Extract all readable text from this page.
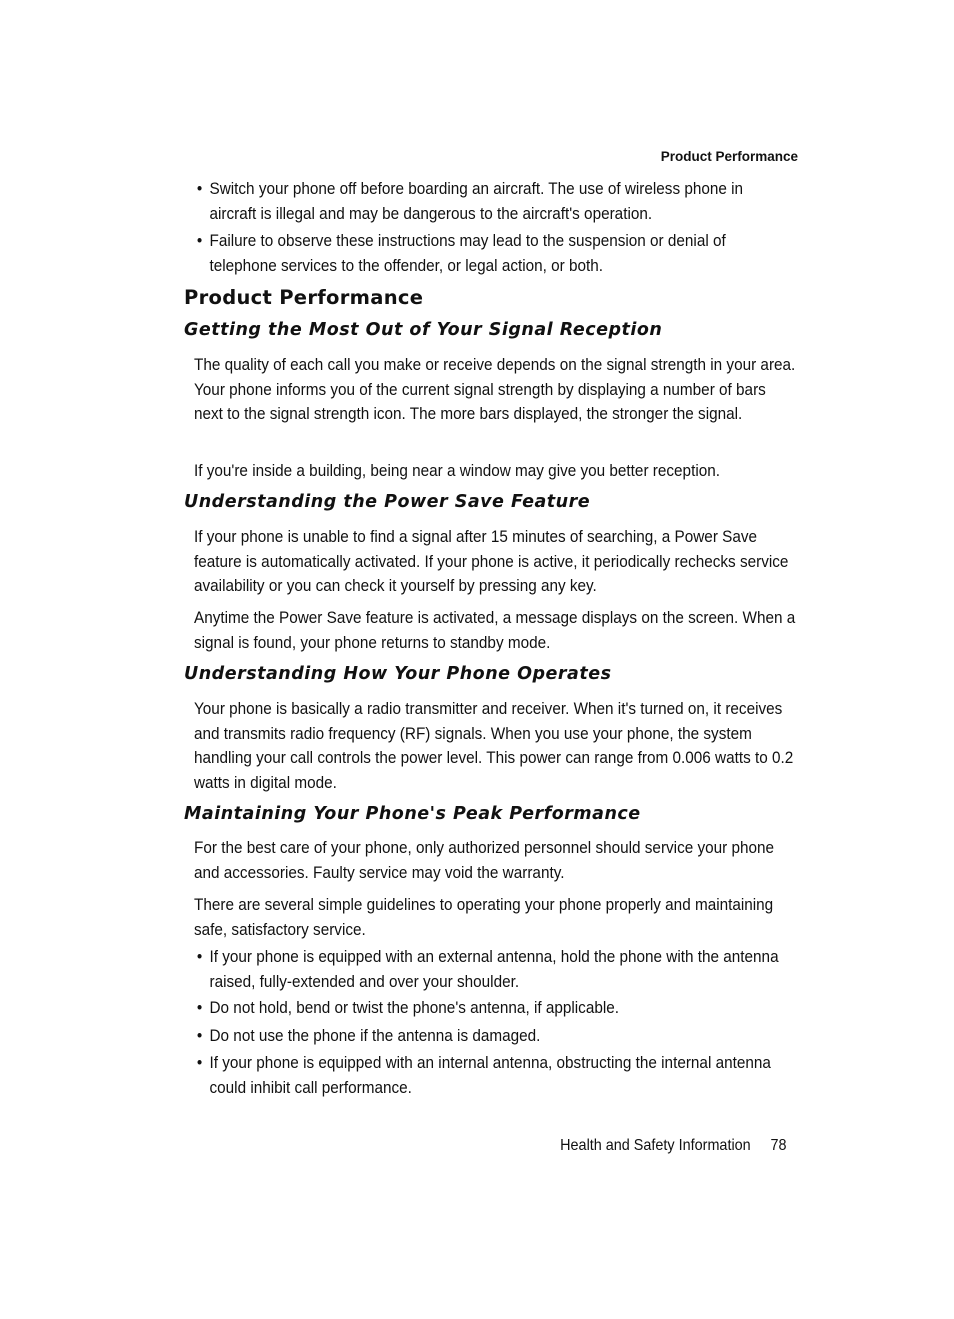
Product Performance
• Switch your phone off before boarding an aircraft. The use of wireless phone in aircraft is illegal and may be dangerous to the aircraft's operation.
• Failure to observe these instructions may lead to the suspension or denial of telephone services to the offender, or legal action, or both.
Product Performance
Getting the Most Out of Your Signal Reception
The quality of each call you make or receive depends on the signal strength in your area. Your phone informs you of the current signal strength by displaying a number of bars next to the signal strength icon. The more bars displayed, the stronger the signal.
If you're inside a building, being near a window may give you better reception.
Understanding the Power Save Feature
If your phone is unable to find a signal after 15 minutes of searching, a Power Save feature is automatically activated. If your phone is active, it periodically rechecks service availability or you can check it yourself by pressing any key.
Anytime the Power Save feature is activated, a message displays on the screen. When a signal is found, your phone returns to standby mode.
Understanding How Your Phone Operates
Your phone is basically a radio transmitter and receiver. When it's turned on, it receives and transmits radio frequency (RF) signals. When you use your phone, the system handling your call controls the power level. This power can range from 0.006 watts to 0.2 watts in digital mode.
Maintaining Your Phone's Peak Performance
For the best care of your phone, only authorized personnel should service your phone and accessories. Faulty service may void the warranty.
There are several simple guidelines to operating your phone properly and maintaining safe, satisfactory service.
• If your phone is equipped with an external antenna, hold the phone with the antenna raised, fully-extended and over your shoulder.
• Do not hold, bend or twist the phone's antenna, if applicable.
• Do not use the phone if the antenna is damaged.
• If your phone is equipped with an internal antenna, obstructing the internal antenna could inhibit call performance.
Health and Safety Information 78
